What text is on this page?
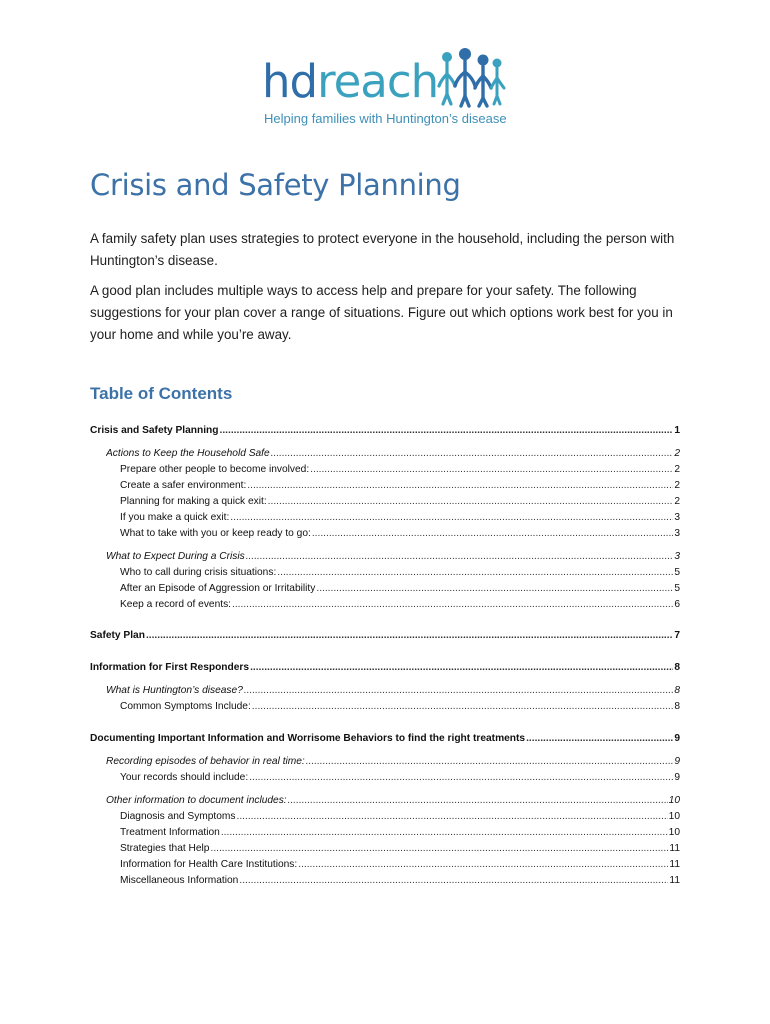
hdreach
Helping families with Huntington’s disease
Crisis and Safety Planning
A family safety plan uses strategies to protect everyone in the household, including the person with Huntington’s disease.
A good plan includes multiple ways to access help and prepare for your safety. The following suggestions for your plan cover a range of situations. Figure out which options work best for you in your home and while you’re away.
Table of Contents
Crisis and Safety Planning .....	1
Actions to Keep the Household Safe .....	2
Prepare other people to become involved: .....	2
Create a safer environment: .....	2
Planning for making a quick exit: .....	2
If you make a quick exit: .....	3
What to take with you or keep ready to go: .....	3
What to Expect During a Crisis .....	3
Who to call during crisis situations: .....	5
After an Episode of Aggression or Irritability .....	5
Keep a record of events: .....	6
Safety Plan .....	7
Information for First Responders .....	8
What is Huntington’s disease? .....	8
Common Symptoms Include: .....	8
Documenting Important Information and Worrisome Behaviors to find the right treatments .....	9
Recording episodes of behavior in real time: .....	9
Your records should include: .....	9
Other information to document includes: .....	10
Diagnosis and Symptoms .....	10
Treatment Information .....	10
Strategies that Help .....	11
Information for Health Care Institutions: .....	11
Miscellaneous Information .....	11
